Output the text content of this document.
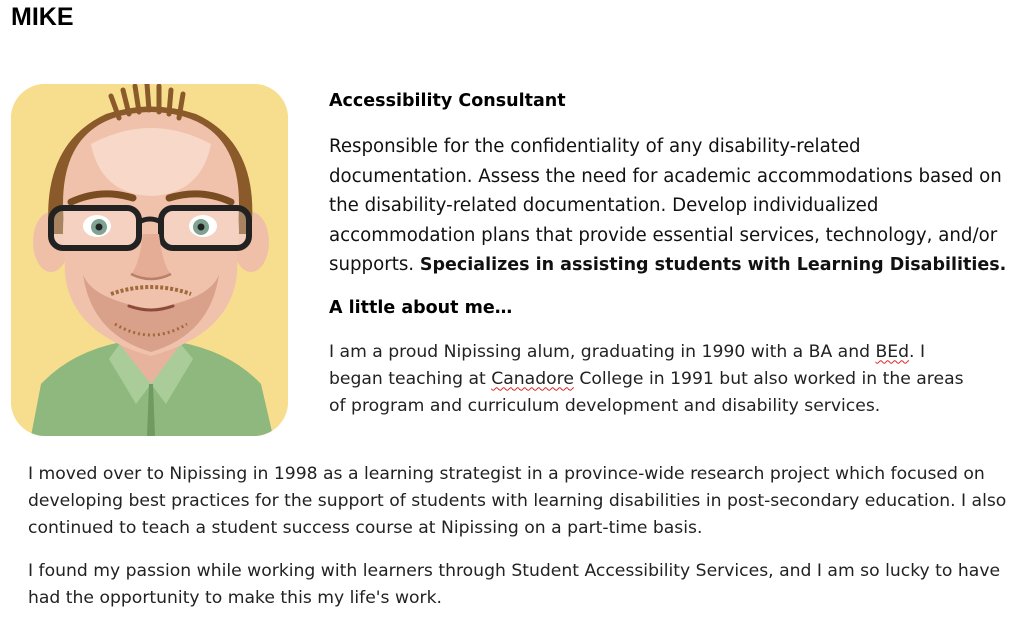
MIKE

Accessibility Consultant

Responsible for the confidentiality of any disability-related documentation. Assess the need for academic accommodations based on the disability-related documentation. Develop individualized accommodation plans that provide essential services, technology, and/or supports. Specializes in assisting students with Learning Disabilities.

A little about me…

I am a proud Nipissing alum, graduating in 1990 with a BA and BEd. I began teaching at Canadore College in 1991 but also worked in the areas of program and curriculum development and disability services.

I moved over to Nipissing in 1998 as a learning strategist in a province-wide research project which focused on developing best practices for the support of students with learning disabilities in post-secondary education. I also continued to teach a student success course at Nipissing on a part-time basis.

I found my passion while working with learners through Student Accessibility Services, and I am so lucky to have had the opportunity to make this my life's work.
